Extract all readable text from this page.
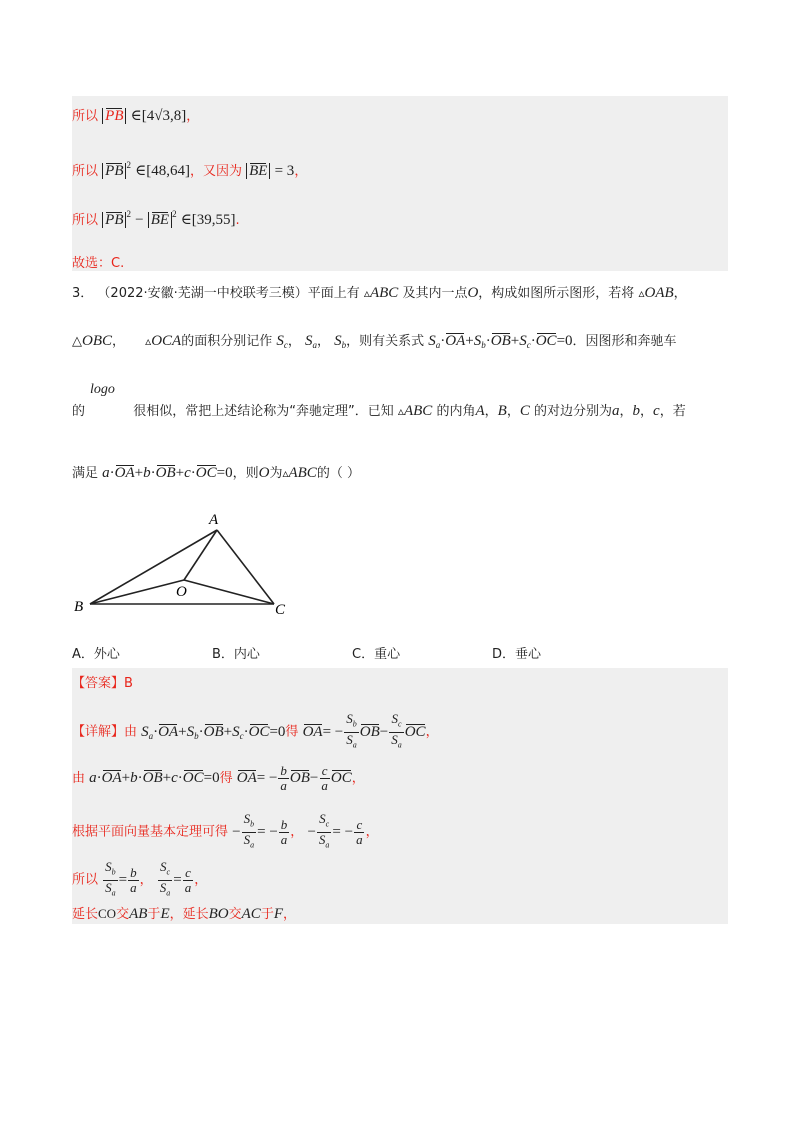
所以 PB ∈[4√3,8]，
所以 PB $^2$ ∈[48,64]，又因为 BE = 3，
所以 PB $^2$ − BE $^2$ ∈[39,55].
故选：C.
3． （2022·安徽·芜湖一中校联考三模）平面上有 ▵ABC 及其内一点O，构成如图所示图形，若将 ▵OAB，
△OBC， ▵OCA的面积分别记作 $S_c$， $S_a$， $S_b$，则有关系式 $S_a\cdot OA+S_b\cdot OB+S_c\cdot OC=0$．因图形和奔驰车
logo
的	很相似，常把上述结论称为“奔驰定理”．已知 ▵ABC 的内角A，B，C 的对边分别为a，b，c，若
满足 a·OA+b·OB+c·OC=0，则O为▵ABC的（ ）
A
B	C
O
A．外心	B．内心	C．重心	D．垂心
【答案】B
【详解】由 $S_a\cdot OA+S_b\cdot OB+S_c\cdot OC=0$得 $OA= - \frac{S_b}{S_a} OB- \frac{S_c}{S_a}$ OC，
由 a·OA+b·OB+c·OC=0得 $OA= - \frac{b}{a} OB- \frac{c}{a}$ OC，
根据平面向量基本定理可得 − $\frac{S_b}{S_a}$ = − $\frac{b}{a}$ ， − $\frac{S_c}{S_a}$ = − $\frac{c}{a}$ ，
所以 $\frac{S_b}{S_a} = \frac{b}{a}$ ， $\frac{S_c}{S_a} = \frac{c}{a}$ ，
延长CO交AB于E，延长BO交AC于F，
